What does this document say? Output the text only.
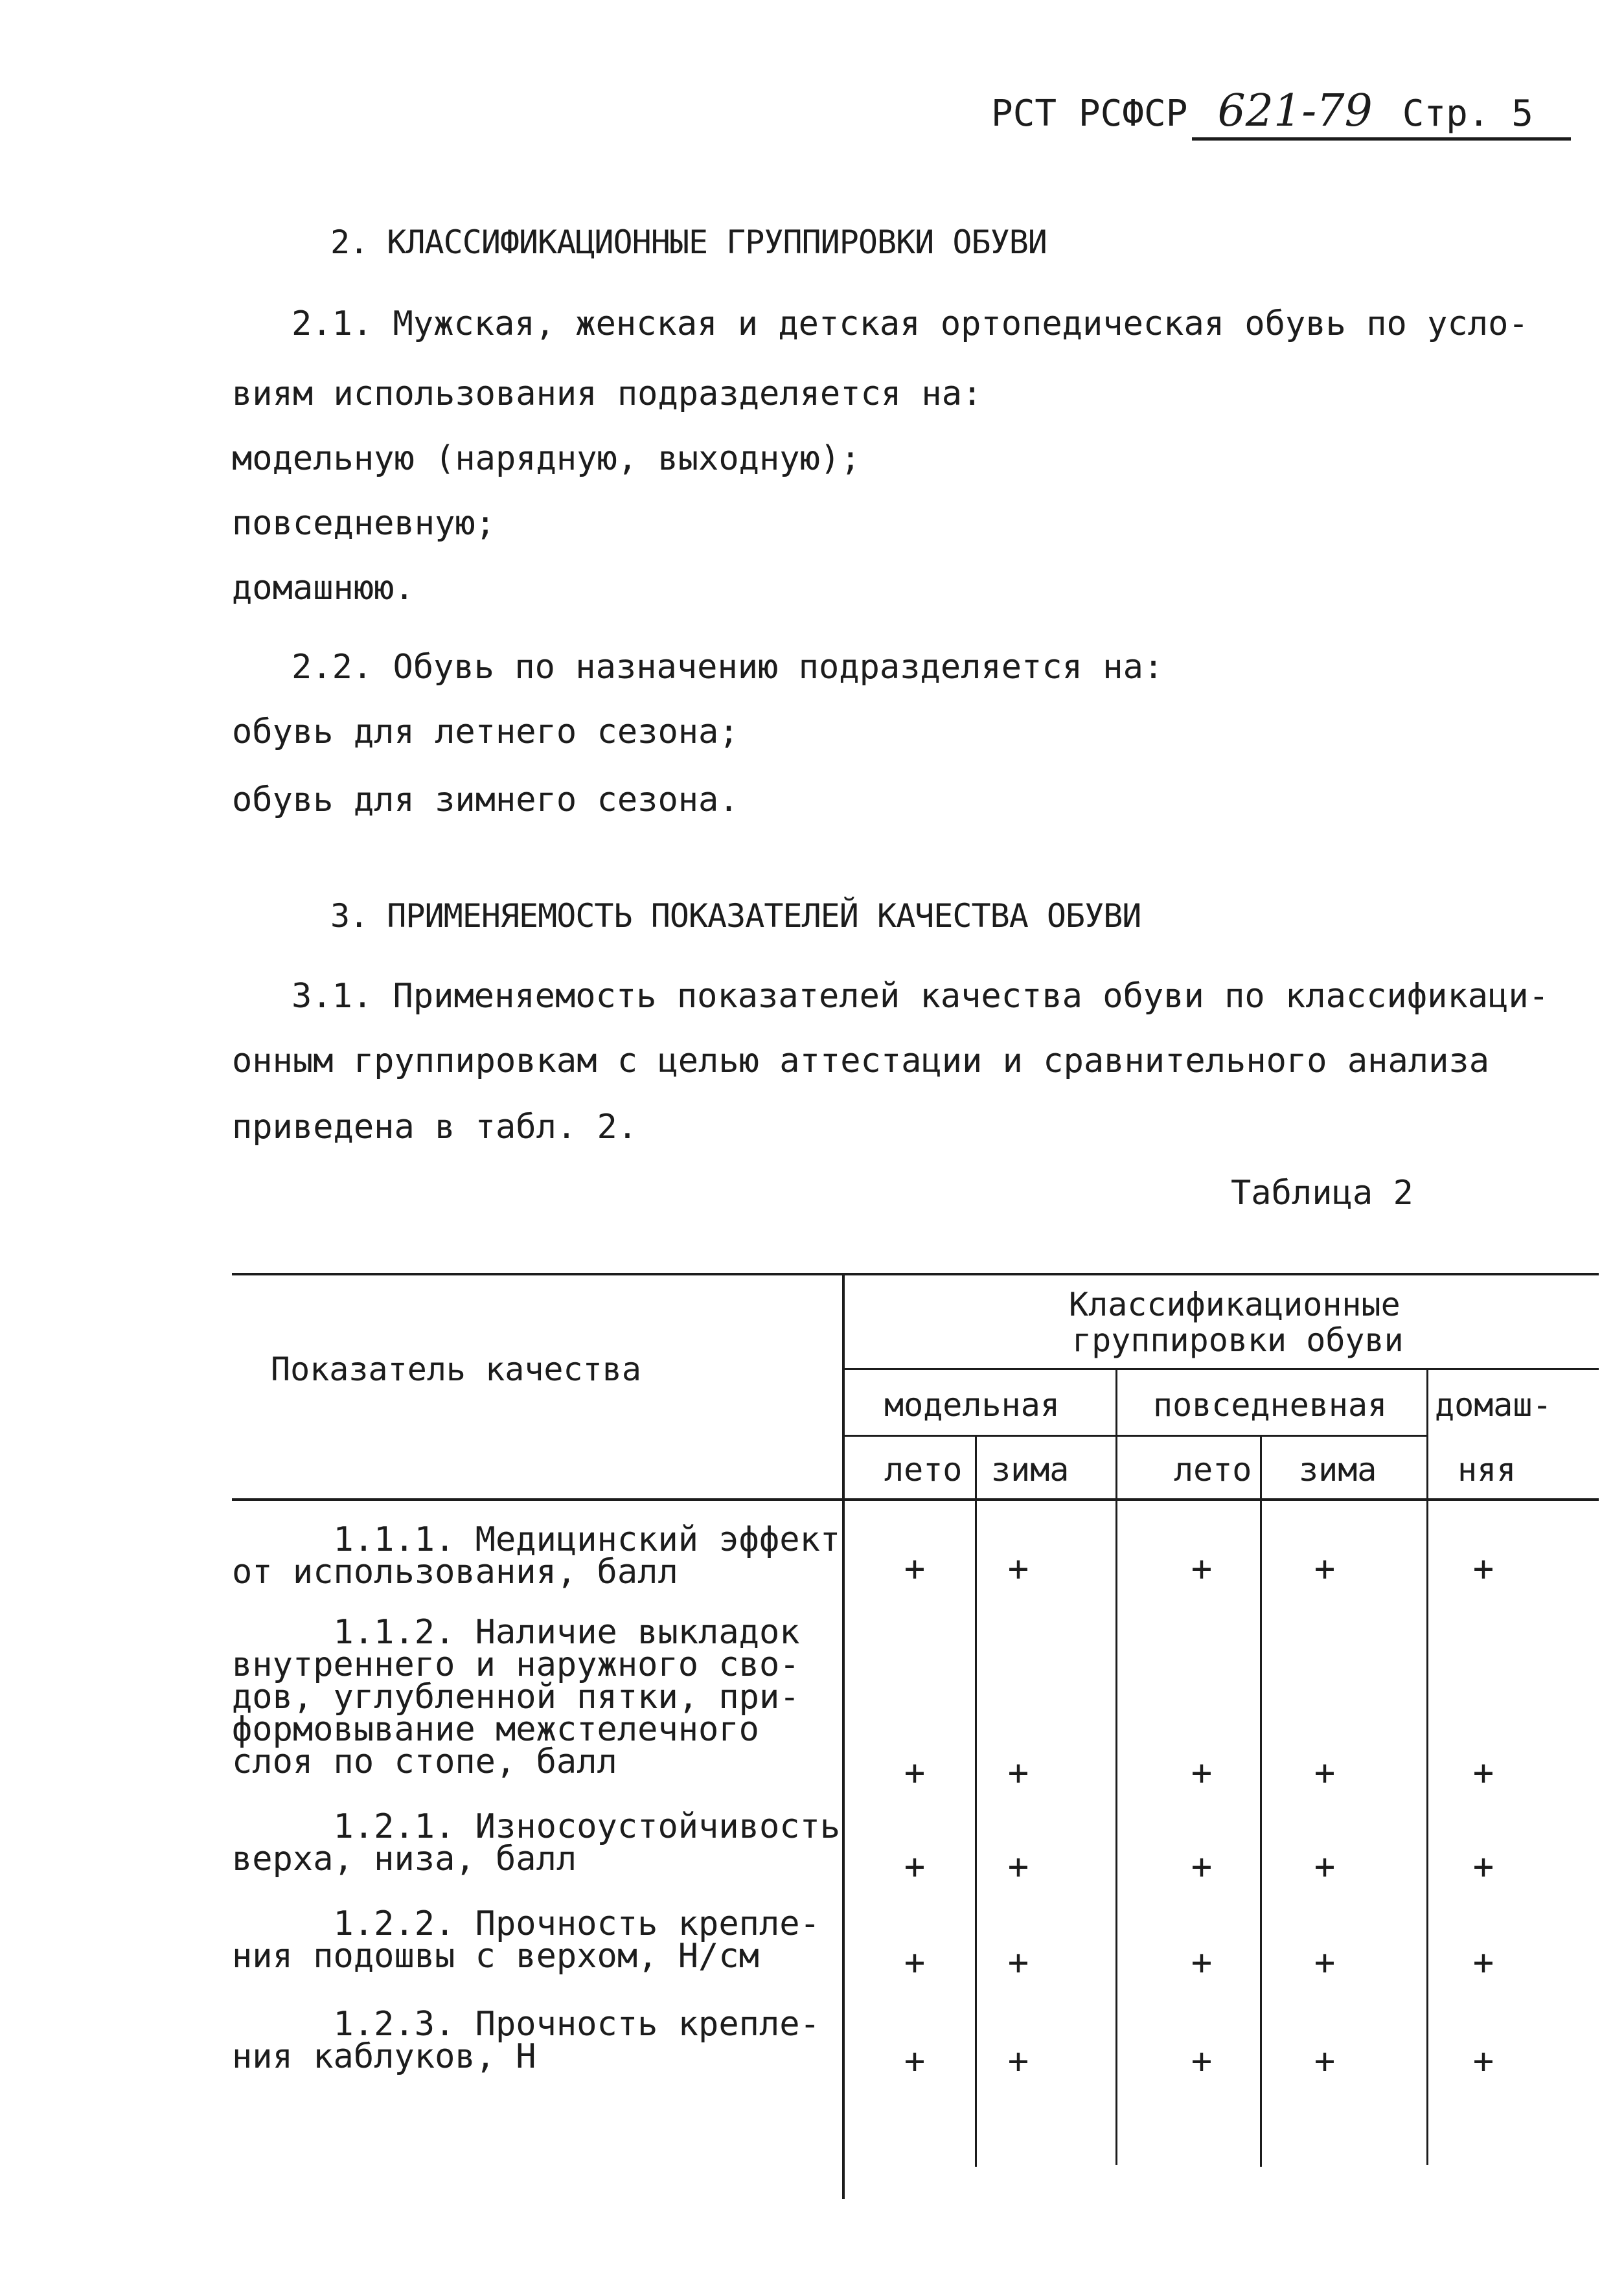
РСТ РСФСР 621-79 Стр. 5
2. КЛАССИФИКАЦИОННЫЕ ГРУППИРОВКИ ОБУВИ
2.1. Мужская, женская и детская ортопедическая обувь по усло-
виям использования подразделяется на:
модельную (нарядную, выходную);
повседневную;
домашнюю.
2.2. Обувь по назначению подразделяется на:
обувь для летнего сезона;
обувь для зимнего сезона.
3. ПРИМЕНЯЕМОСТЬ ПОКАЗАТЕЛЕЙ КАЧЕСТВА ОБУВИ
3.1. Применяемость показателей качества обуви по классификаци-
онным группировкам с целью аттестации и сравнительного анализа
приведена в табл. 2.
Таблица 2
Показатель качества
Классификационные
группировки обуви
модельная	повседневная домаш-
няя
лето зима	лето зима
1.1.1. Медицинский эффект
от использования, балл	+ +	+	+	+
1.1.2. Наличие выкладок
внутреннего и наружного сво-
дов, углубленной пятки, при-
формовывание межстелечного
слоя по стопе, балл	+ +	+	+	+
1.2.1. Износоустойчивость
верха, низа, балл	+ +	+	+	+
1.2.2. Прочность крепле-
ния подошвы с верхом, Н/см	+ +	+	+	+
1.2.3. Прочность крепле-
ния каблуков, Н	+ +	+	+	+
